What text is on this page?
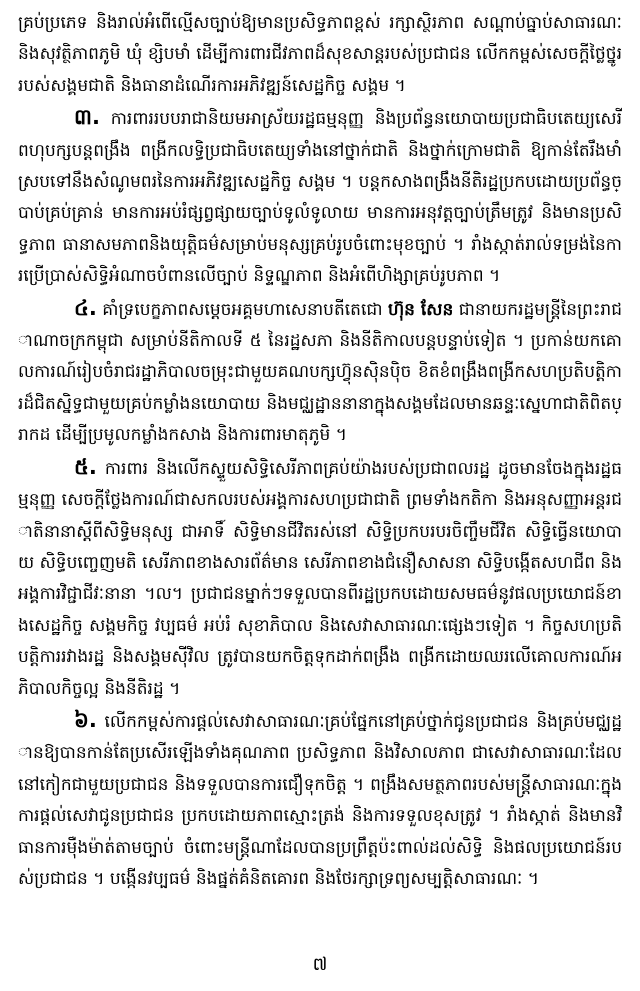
គ្រប់ប្រភេទ និងរាល់អំពើល្មើសច្បាប់ឱ្យមានប្រសិទ្ធភាពខ្ពស់ រក្សាស្ថិរភាព សណ្ដាប់ធ្នាប់សាធារណៈ និងសុវត្ថិភាពភូមិ ឃុំ ខ្សិបមាំ ដើម្បីការពារជីវភាពដ៏សុខសាន្តរបស់ប្រជាជន លើកកម្ពស់សេចក្ដីថ្លៃថ្នូររបស់សង្គមជាតិ និងធានាដំណើរការអភិវឌ្ឍន៍សេដ្ឋកិច្ច សង្គម ។

៣. ការពាររបបរាជានិយមអាស្រ័យរដ្ឋធម្មនុញ្ញ និងប្រព័ន្ធនយោបាយប្រជាធិបតេយ្យសេរី ពហុបក្សបន្តពង្រឹង ពង្រីកលទ្ធិប្រជាធិបតេយ្យទាំងនៅថ្នាក់ជាតិ និងថ្នាក់ក្រោមជាតិ ឱ្យកាន់តែរឹងមាំ ស្របទៅនឹងសំណូមពរនៃការអភិវឌ្ឍសេដ្ឋកិច្ច សង្គម ។ បន្តកសាងពង្រឹងនីតិរដ្ឋប្រកបដោយប្រព័ន្ធច្បាប់គ្រប់គ្រាន់ មានការអប់រំផ្សព្វផ្សាយច្បាប់ទូលំទូលាយ មានការអនុវត្តច្បាប់ត្រឹមត្រូវ និងមានប្រសិទ្ធភាព ធានាសមភាពនិងយុត្តិធម៌សម្រាប់មនុស្សគ្រប់រូបចំពោះមុខច្បាប់ ។ រាំងស្កាត់រាល់ទម្រង់នៃការប្រើប្រាស់សិទ្ធិអំណាចបំពានលើច្បាប់ និទ្ទណ្ឌភាព និងអំពើហិង្សាគ្រប់រូបភាព ។

៤. គាំទ្របេក្ខភាពសម្ដេចអគ្គមហាសេនាបតីតេជោ ហ៊ុន សែន ជានាយករដ្ឋមន្ត្រីនៃព្រះរាជាណាចក្រកម្ពុជា សម្រាប់នីតិកាលទី ៥ នៃរដ្ឋសភា និងនីតិកាលបន្តបន្ទាប់ទៀត ។ ប្រកាន់យកគោលការណ៍រៀបចំរាជរដ្ឋាភិបាលចម្រុះជាមួយគណបក្សហ៊្វុនស៊ិនប៉ិច ខិតខំពង្រឹងពង្រីកសហប្រតិបត្តិការដ៏ជិតស្និទ្ធជាមួយគ្រប់កម្លាំងនយោបាយ និងមជ្ឈដ្ឋាននានាក្នុងសង្គមដែលមានឆន្ទៈស្នេហាជាតិពិតប្រាកដ ដើម្បីប្រមូលកម្លាំងកសាង និងការពារមាតុភូមិ ។

៥. ការពារ និងលើកស្ទួយសិទ្ធិសេរីភាពគ្រប់យ៉ាងរបស់ប្រជាពលរដ្ឋ ដូចមានចែងក្នុងរដ្ឋធម្មនុញ្ញ សេចក្ដីថ្លែងការណ៍ជាសកលរបស់អង្គការសហប្រជាជាតិ ព្រមទាំងកតិកា និងអនុសញ្ញាអន្តរជាតិនានាស្ដីពីសិទ្ធិមនុស្ស ជាអាទិ៍ សិទ្ធិមានជីវិតរស់នៅ សិទ្ធិប្រកបរបរចិញ្ចឹមជីវិត សិទ្ធិធ្វើនយោបាយ សិទ្ធិបញ្ចេញមតិ សេរីភាពខាងសារព័ត៌មាន សេរីភាពខាងជំនឿសាសនា សិទ្ធិបង្កើតសហជីព និងអង្គការវិជ្ជាជីវៈនានា ។ល។ ប្រជាជនម្នាក់ៗទទួលបានពីរដ្ឋប្រកបដោយសមធម៌នូវផលប្រយោជន៍ខាងសេដ្ឋកិច្ច សង្គមកិច្ច វប្បធម៌ អប់រំ សុខាភិបាល និងសេវាសាធារណៈផ្សេងៗទៀត ។ កិច្ចសហប្រតិបត្តិការរវាងរដ្ឋ និងសង្គមស៊ីវិល ត្រូវបានយកចិត្តទុកដាក់ពង្រឹង ពង្រីកដោយឈរលើគោលការណ៍អភិបាលកិច្ចល្អ និងនីតិរដ្ឋ ។

៦. លើកកម្ពស់ការផ្ដល់សេវាសាធារណៈគ្រប់ផ្នែកនៅគ្រប់ថ្នាក់ជូនប្រជាជន និងគ្រប់មជ្ឈដ្ឋានឱ្យបានកាន់តែប្រសើរឡើងទាំងគុណភាព ប្រសិទ្ធភាព និងវិសាលភាព ជាសេវាសាធារណៈដែលនៅកៀកជាមួយប្រជាជន និងទទួលបានការជឿទុកចិត្ត ។ ពង្រឹងសមត្ថភាពរបស់មន្ត្រីសាធារណៈក្នុងការផ្ដល់សេវាជូនប្រជាជន ប្រកបដោយភាពស្មោះត្រង់ និងការទទួលខុសត្រូវ ។ រាំងស្កាត់ និងមានវិធានការម៉ឺងម៉ាត់តាមច្បាប់ ចំពោះមន្ត្រីណាដែលបានប្រព្រឹត្តប៉ះពាល់ដល់សិទ្ធិ និងផលប្រយោជន៍របស់ប្រជាជន ។ បង្កើនវប្បធម៌ និងផ្នត់គំនិតគោរព និងថែរក្សាទ្រព្យសម្បត្តិសាធារណៈ ។

៧
